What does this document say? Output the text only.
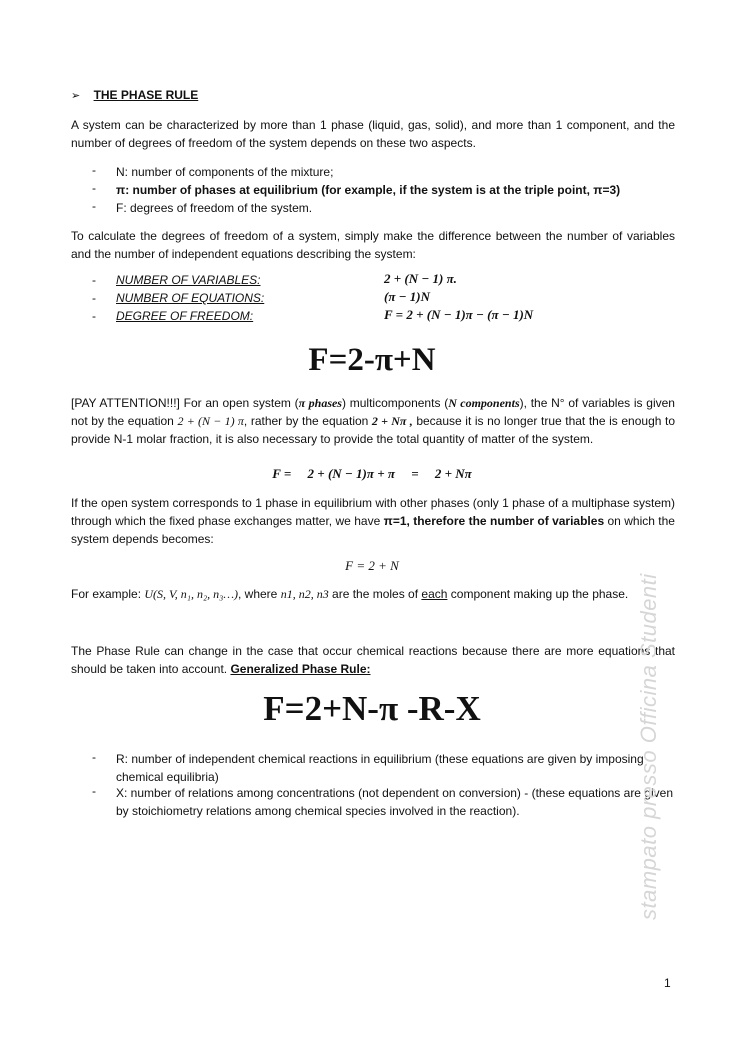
➢ THE PHASE RULE
A system can be characterized by more than 1 phase (liquid, gas, solid), and more than 1 component, and the number of degrees of freedom of the system depends on these two aspects.
- N: number of components of the mixture;
- π: number of phases at equilibrium (for example, if the system is at the triple point, π=3)
- F: degrees of freedom of the system.
To calculate the degrees of freedom of a system, simply make the difference between the number of variables and the number of independent equations describing the system:
- NUMBER OF VARIABLES:	2 + (N − 1) π.
- NUMBER OF EQUATIONS:	(π − 1)N
- DEGREE OF FREEDOM:	F = 2 + (N − 1)π − (π − 1)N
F=2-π+N
[PAY ATTENTION!!!] For an open system (π phases) multicomponents (N components), the N° of variables is given not by the equation 2 + (N − 1) π, rather by the equation 2 + Nπ , because it is no longer true that the is enough to provide N-1 molar fraction, it is also necessary to provide the total quantity of matter of the system.
F =     2 + (N − 1)π + π     =     2 + Nπ
If the open system corresponds to 1 phase in equilibrium with other phases (only 1 phase of a multiphase system) through which the fixed phase exchanges matter, we have π=1, therefore the number of variables on which the system depends becomes:
F = 2 + N
For example: U(S, V, n₁, n₂, n₃…), where n1, n2, n3 are the moles of each component making up the phase.
The Phase Rule can change in the case that occur chemical reactions because there are more equations that should be taken into account. Generalized Phase Rule:
F=2+N-π -R-X
- R: number of independent chemical reactions in equilibrium (these equations are given by imposing chemical equilibria)
- X: number of relations among concentrations (not dependent on conversion) - (these equations are given by stoichiometry relations among chemical species involved in the reaction).	stampato presso Officina Studenti
1
